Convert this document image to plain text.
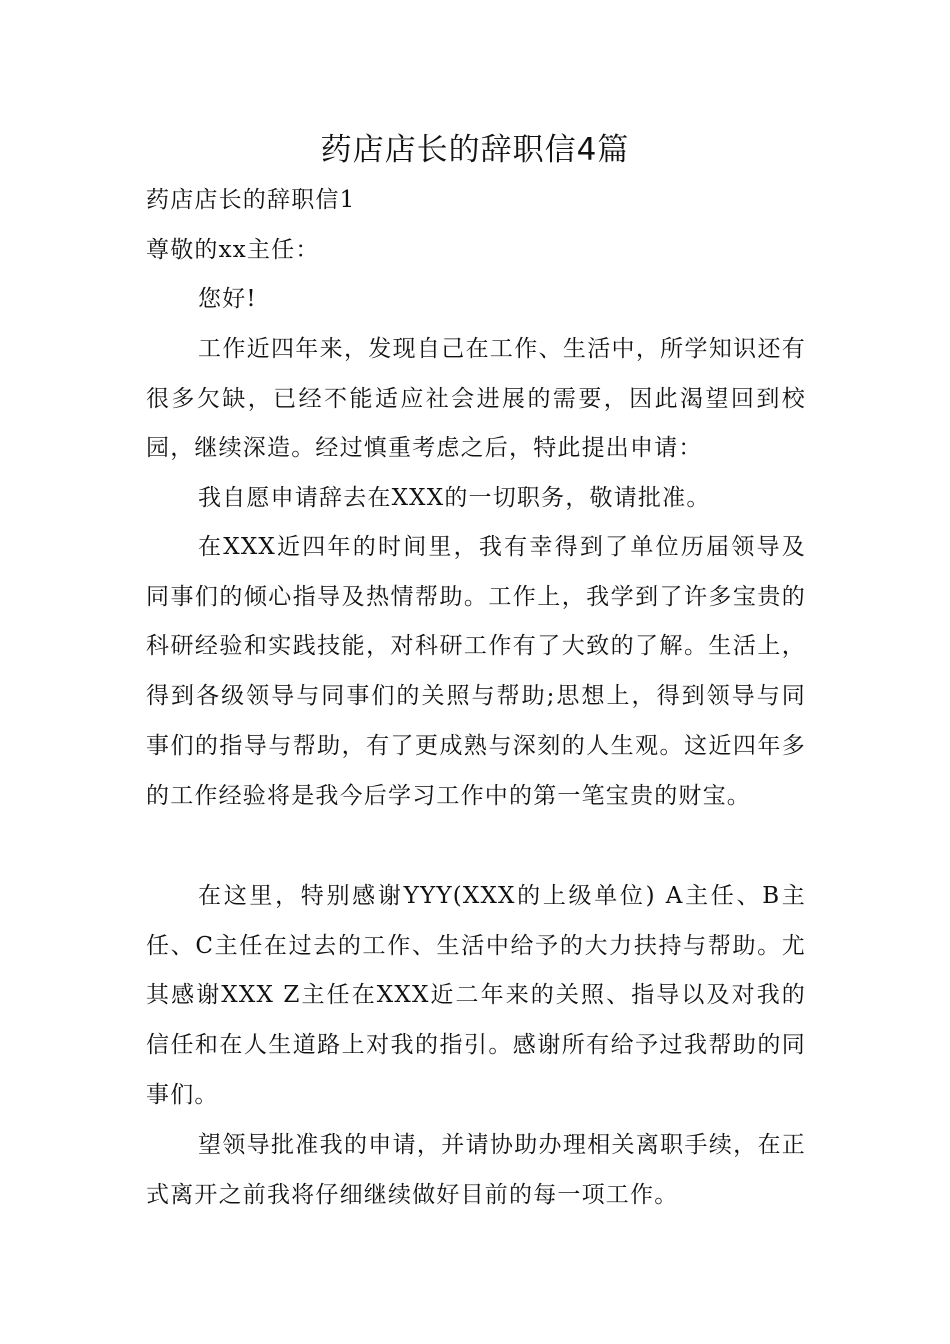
药店店长的辞职信4篇

药店店长的辞职信1

尊敬的xx主任：

您好!

工作近四年来，发现自己在工作、生活中，所学知识还有很多欠缺，已经不能适应社会进展的需要，因此渴望回到校园，继续深造。经过慎重考虑之后，特此提出申请：

我自愿申请辞去在XXX的一切职务，敬请批准。

在XXX近四年的时间里，我有幸得到了单位历届领导及同事们的倾心指导及热情帮助。工作上，我学到了许多宝贵的科研经验和实践技能，对科研工作有了大致的了解。生活上，得到各级领导与同事们的关照与帮助;思想上，得到领导与同事们的指导与帮助，有了更成熟与深刻的人生观。这近四年多的工作经验将是我今后学习工作中的第一笔宝贵的财宝。

在这里，特别感谢YYY(XXX的上级单位) A主任、B主任、C主任在过去的工作、生活中给予的大力扶持与帮助。尤其感谢XXX Z主任在XXX近二年来的关照、指导以及对我的信任和在人生道路上对我的指引。感谢所有给予过我帮助的同事们。

望领导批准我的申请，并请协助办理相关离职手续，在正式离开之前我将仔细继续做好目前的每一项工作。
